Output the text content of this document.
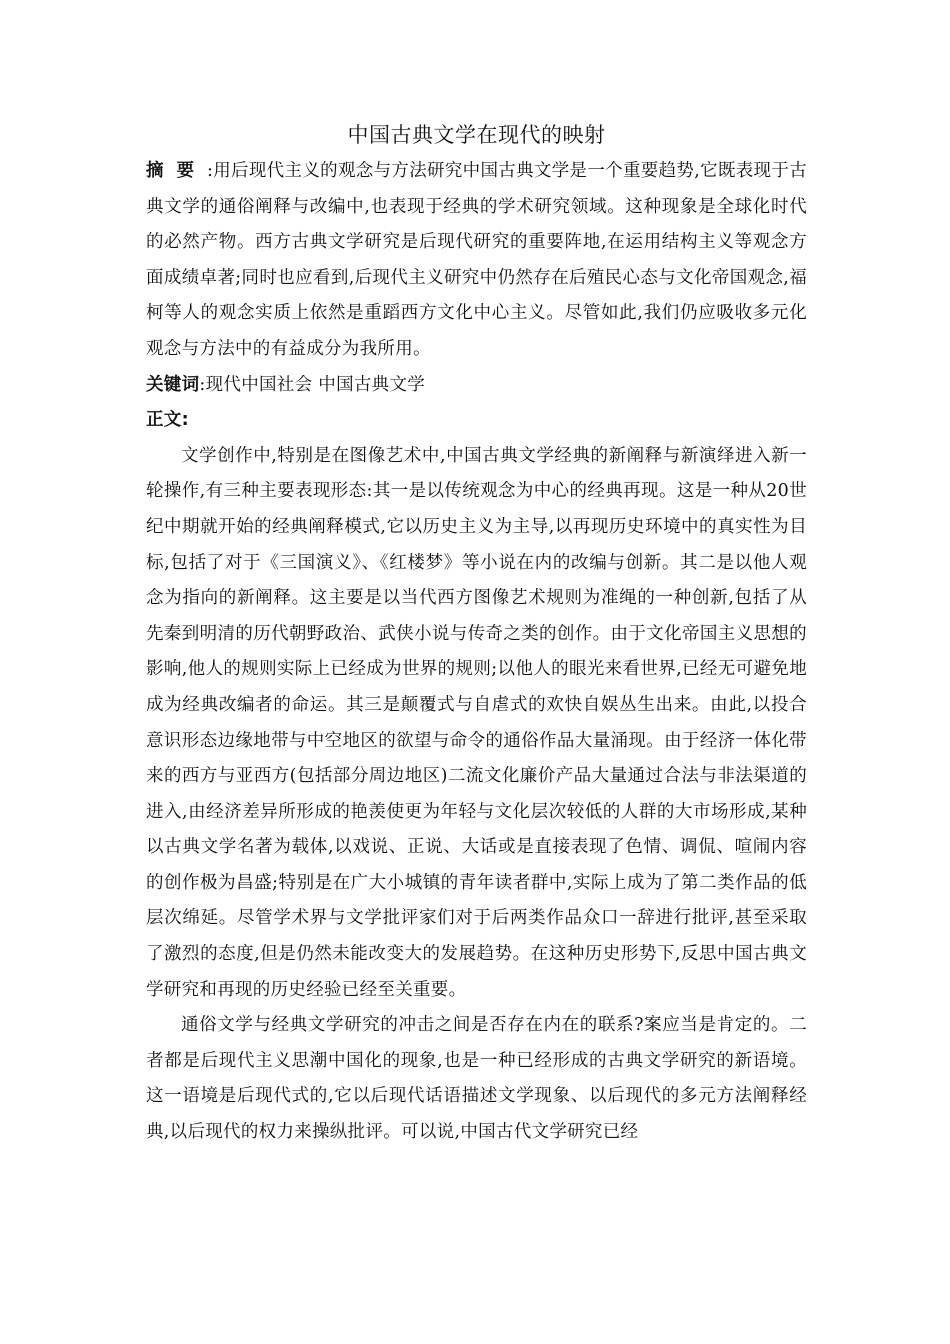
中国古典文学在现代的映射

摘要:用后现代主义的观念与方法研究中国古典文学是一个重要趋势,它既表现于古典文学的通俗阐释与改编中,也表现于经典的学术研究领域。这种现象是全球化时代的必然产物。西方古典文学研究是后现代研究的重要阵地,在运用结构主义等观念方面成绩卓著;同时也应看到,后现代主义研究中仍然存在后殖民心态与文化帝国观念,福柯等人的观念实质上依然是重蹈西方文化中心主义。尽管如此,我们仍应吸收多元化观念与方法中的有益成分为我所用。

关键词:现代中国社会 中国古典文学

正文:

文学创作中,特别是在图像艺术中,中国古典文学经典的新阐释与新演绎进入新一轮操作,有三种主要表现形态:其一是以传统观念为中心的经典再现。这是一种从20世纪中期就开始的经典阐释模式,它以历史主义为主导,以再现历史环境中的真实性为目标,包括了对于《三国演义》、《红楼梦》等小说在内的改编与创新。其二是以他人观念为指向的新阐释。这主要是以当代西方图像艺术规则为准绳的一种创新,包括了从先秦到明清的历代朝野政治、武侠小说与传奇之类的创作。由于文化帝国主义思想的影响,他人的规则实际上已经成为世界的规则;以他人的眼光来看世界,已经无可避免地成为经典改编者的命运。其三是颠覆式与自虐式的欢快自娱丛生出来。由此,以投合意识形态边缘地带与中空地区的欲望与命令的通俗作品大量涌现。由于经济一体化带来的西方与亚西方(包括部分周边地区)二流文化廉价产品大量通过合法与非法渠道的进入,由经济差异所形成的艳羡使更为年轻与文化层次较低的人群的大市场形成,某种以古典文学名著为载体,以戏说、正说、大话或是直接表现了色情、调侃、喧闹内容的创作极为昌盛;特别是在广大小城镇的青年读者群中,实际上成为了第二类作品的低层次绵延。尽管学术界与文学批评家们对于后两类作品众口一辞进行批评,甚至采取了激烈的态度,但是仍然未能改变大的发展趋势。在这种历史形势下,反思中国古典文学研究和再现的历史经验已经至关重要。

通俗文学与经典文学研究的冲击之间是否存在内在的联系?案应当是肯定的。二者都是后现代主义思潮中国化的现象,也是一种已经形成的古典文学研究的新语境。这一语境是后现代式的,它以后现代话语描述文学现象、以后现代的多元方法阐释经典,以后现代的权力来操纵批评。可以说,中国古代文学研究已经
